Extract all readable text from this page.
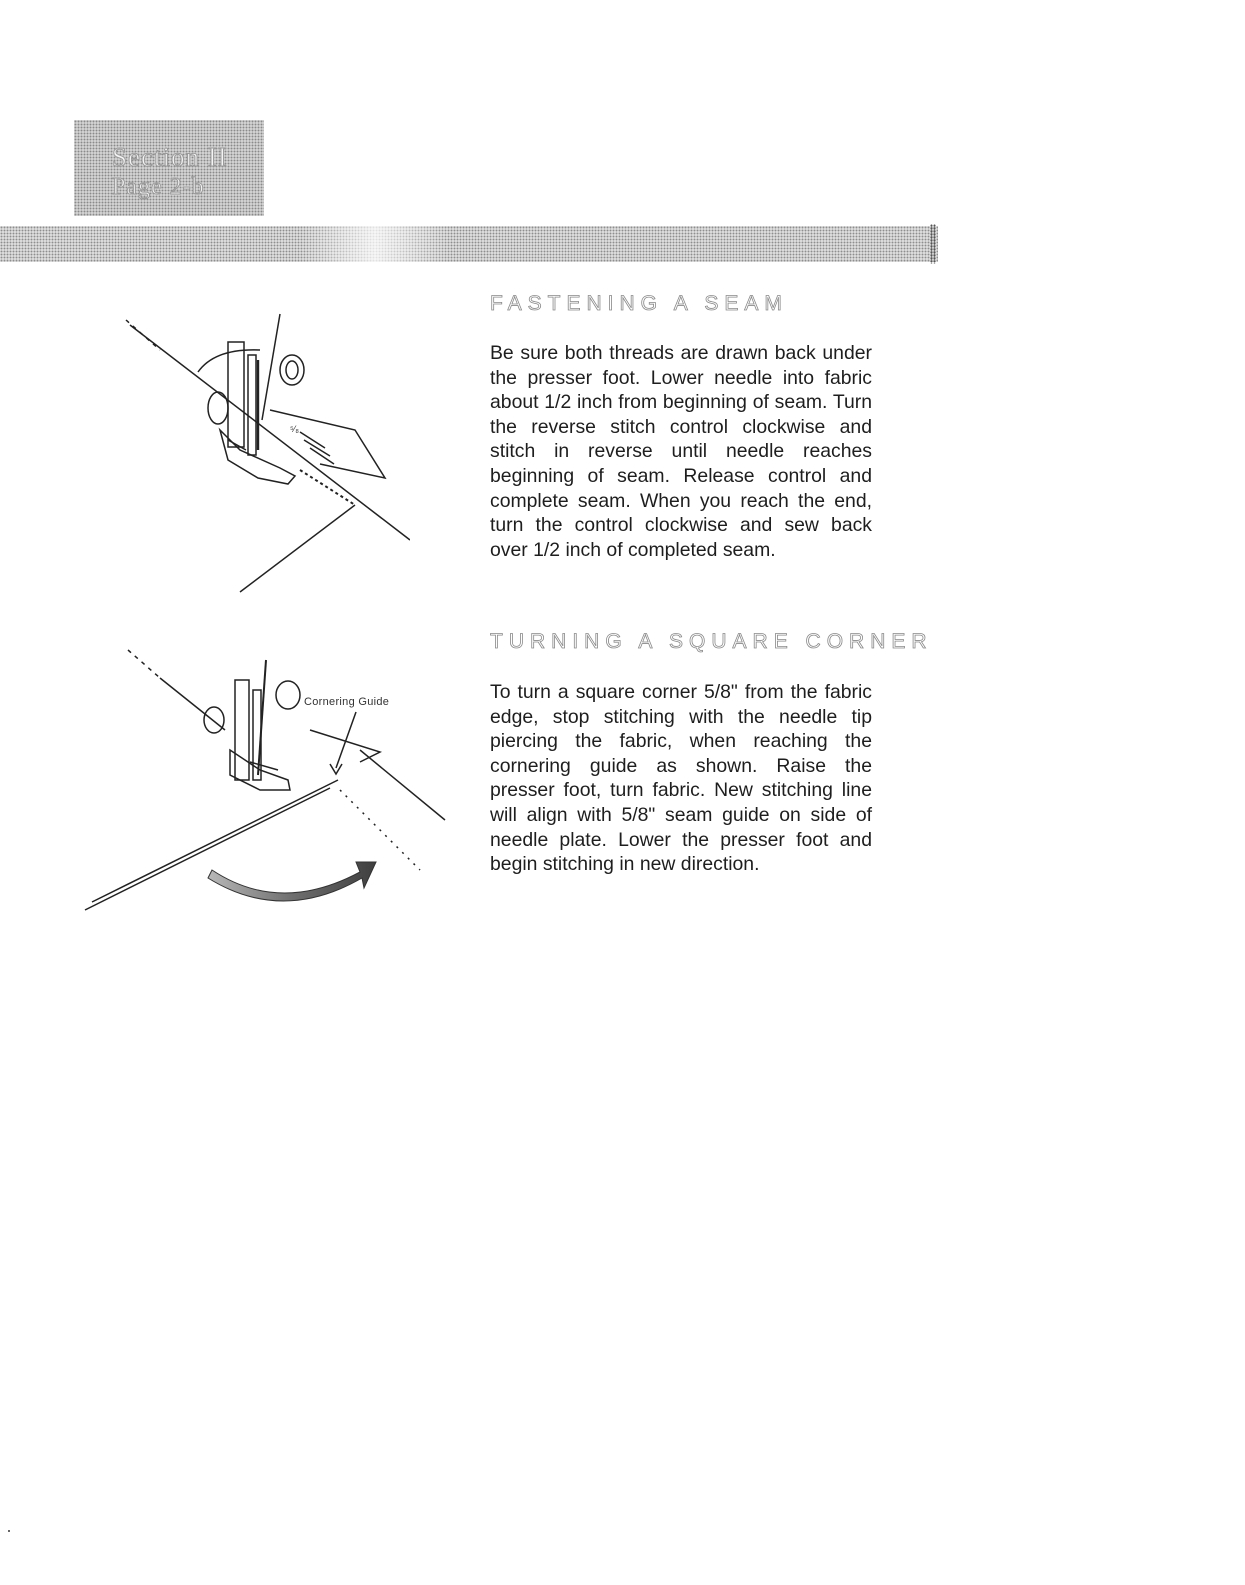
Section II
Page 2-b
⁵⁄₈
Cornering Guide
FASTENING A SEAM

Be sure both threads are drawn back under the presser foot. Lower needle into fabric about 1/2 inch from beginning of seam. Turn the reverse stitch control clockwise and stitch in reverse until needle reaches beginning of seam. Release control and complete seam. When you reach the end, turn the control clockwise and sew back over 1/2 inch of completed seam.

TURNING A SQUARE CORNER

To turn a square corner 5/8" from the fabric edge, stop stitching with the needle tip piercing the fabric, when reaching the cornering guide as shown. Raise the presser foot, turn fabric. New stitching line will align with 5/8" seam guide on side of needle plate. Lower the presser foot and begin stitching in new direction.
